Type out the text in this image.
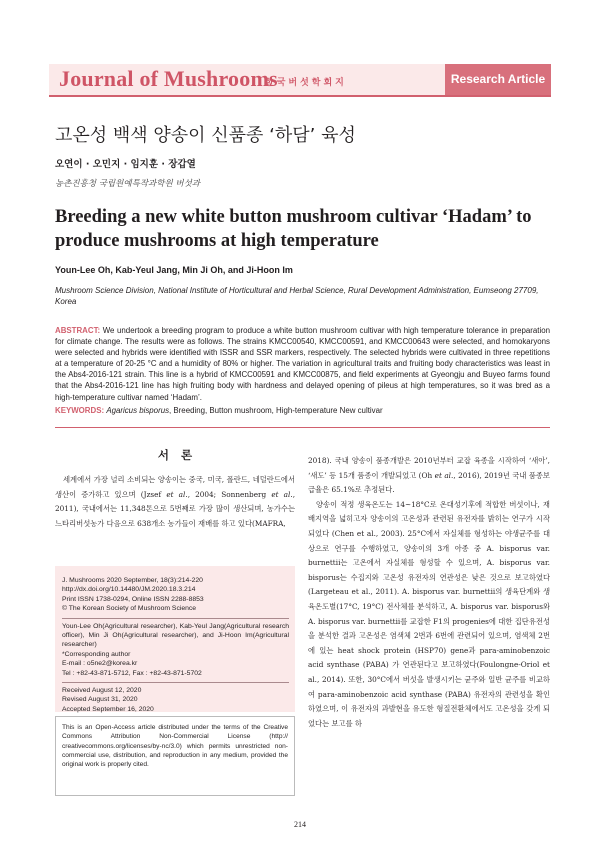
Journal of Mushrooms
한국버섯학회지	Research Article
고온성 백색 양송이 신품종 ‘하담’ 육성
오연이 · 오민지 · 임지훈 · 장갑열
농촌진흥청 국립원예특작과학원 버섯과
Breeding a new white button mushroom cultivar ‘Hadam’ to produce mushrooms at high temperature
Youn-Lee Oh, Kab-Yeul Jang, Min Ji Oh, and Ji-Hoon Im
Mushroom Science Division, National Institute of Horticultural and Herbal Science, Rural Development Administration, Eumseong 27709, Korea
ABSTRACT: We undertook a breeding program to produce a white button mushroom cultivar with high temperature tolerance in preparation for climate change. The results were as follows. The strains KMCC00540, KMCC00591, and KMCC00643 were selected, and homokaryons were selected and hybrids were identified with ISSR and SSR markers, respectively. The selected hybrids were cultivated in three repetitions at a temperature of 20-25 °C and a humidity of 80% or higher. The variation in agricultural traits and fruiting body characteristics was least in the Abs4-2016-121 strain. This line is a hybrid of KMCC00591 and KMCC00875, and field experiments at Gyeongju and Buyeo farms found that the Abs4-2016-121 line has high fruiting body with hardness and delayed opening of pileus at high temperatures, so it was bred as a high-temperature cultivar named ‘Hadam’.
KEYWORDS: Agaricus bisporus, Breeding, Button mushroom, High-temperature New cultivar
서론

세계에서 가장 널리 소비되는 양송이는 중국, 미국, 폴란드, 네덜란드에서 생산이 증가하고 있으며 (Jzsef et al., 2004; Sonnenberg et al., 2011), 국내에서는 11,348톤으로 5번째로 가장 많이 생산되며, 농가수는 느타리버섯농가 다음으로 638개소 농가들이 재배를 하고 있다(MAFRA,

J. Mushrooms 2020 September, 18(3):214-220
http://dx.doi.org/10.14480/JM.2020.18.3.214
Print ISSN 1738-0294, Online ISSN 2288-8853
© The Korean Society of Mushroom Science
Youn-Lee Oh(Agricultural researcher), Kab-Yeul Jang(Agricultural research officer), Min Ji Oh(Agricultural researcher), and Ji-Hoon Im(Agricultural researcher)
*Corresponding author
E-mail : o5ne2@korea.kr
Tel : +82-43-871-5712, Fax : +82-43-871-5702
Received August 12, 2020
Revised August 31, 2020
Accepted September 16, 2020
This is an Open-Access article distributed under the terms of the Creative Commons Attribution Non-Commercial License (http:// creativecommons.org/licenses/by-nc/3.0) which permits unrestricted non-commercial use, distribution, and reproduction in any medium, provided the original work is properly cited.

2018). 국내 양송이 품종개발은 2010년부터 교잡 육종을 시작하여 ‘새아’, ‘새도’ 등 15개 품종이 개발되었고 (Oh et al., 2016), 2019년 국내 품종보급율은 65.1%로 추정된다.

양송이 적정 생육온도는 14~18°C로 온대성기후에 적합한 버섯이나, 재배지역을 넓히고자 양송이의 고온성과 관련된 유전자를 밝히는 연구가 시작되었다 (Chen et al., 2003). 25°C에서 자실체를 형성하는 야생균주를 대상으로 연구를 수행하였고, 양송이의 3개 아종 중 A. bisporus var. burnettii는 고온에서 자실체를 형성할 수 있으며, A. bisporus var. bisporus는 수집지와 고온성 유전자의 연관성은 낮은 것으로 보고하였다 (Largeteau et al., 2011). A. bisporus var. burnettii의 생육단계와 생육온도별(17°C, 19°C) 전사체를 분석하고, A. bisporus var. bisporus와 A. bisporus var. burnettii를 교잡한 F1의 progenies에 대한 집단유전성을 분석한 결과 고온성은 염색체 2번과 6번에 관련되어 있으며, 염색체 2번에 있는 heat shock protein (HSP70) gene과 para-aminobenzoic acid synthase (PABA) 가 연관된다고 보고하였다(Foulongne-Oriol et al., 2014). 또한, 30°C에서 버섯을 발생시키는 균주와 일반 균주를 비교하여 para-aminobenzoic acid synthase (PABA) 유전자의 관련성을 확인하였으며, 이 유전자의 과발현을 유도한 형질전환체에서도 고온성을 갖게 되었다는 보고를 하

214
